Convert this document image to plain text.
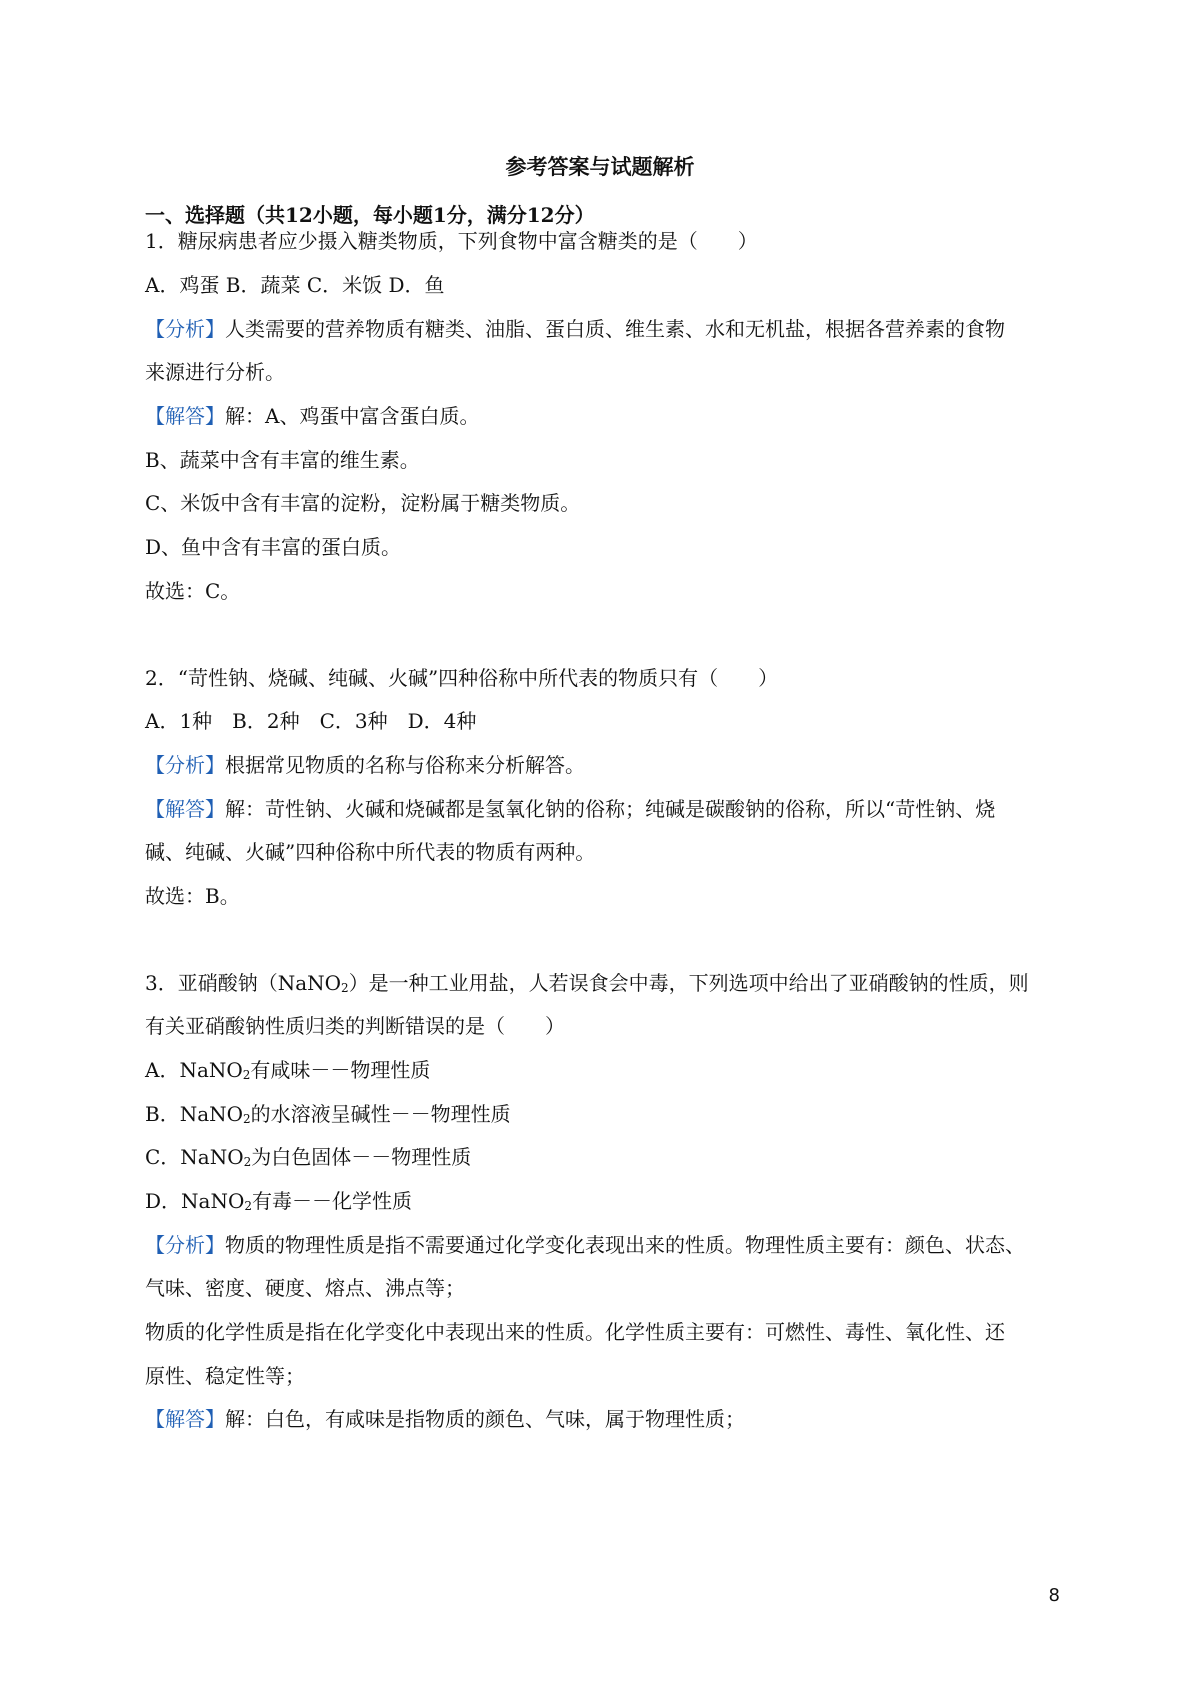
参考答案与试题解析
一、选择题（共12小题，每小题1分，满分12分）
1．糖尿病患者应少摄入糖类物质，下列食物中富含糖类的是（　　）
A．鸡蛋 B．蔬菜 C．米饭 D．鱼
【分析】人类需要的营养物质有糖类、油脂、蛋白质、维生素、水和无机盐，根据各营养素的食物
来源进行分析。
【解答】解：A、鸡蛋中富含蛋白质。
B、蔬菜中含有丰富的维生素。
C、米饭中含有丰富的淀粉，淀粉属于糖类物质。
D、鱼中含有丰富的蛋白质。
故选：C。
2．“苛性钠、烧碱、纯碱、火碱”四种俗称中所代表的物质只有（　　）
A．1种　B．2种　C．3种　D．4种
【分析】根据常见物质的名称与俗称来分析解答。
【解答】解：苛性钠、火碱和烧碱都是氢氧化钠的俗称；纯碱是碳酸钠的俗称，所以“苛性钠、烧
碱、纯碱、火碱”四种俗称中所代表的物质有两种。
故选：B。
3．亚硝酸钠（NaNO$_2$）是一种工业用盐，人若误食会中毒，下列选项中给出了亚硝酸钠的性质，则
有关亚硝酸钠性质归类的判断错误的是（　　）
A．NaNO$_2$有咸味－－物理性质
B．NaNO$_2$的水溶液呈碱性－－物理性质
C．NaNO$_2$为白色固体－－物理性质
D．NaNO$_2$有毒－－化学性质
【分析】物质的物理性质是指不需要通过化学变化表现出来的性质。物理性质主要有：颜色、状态、
气味、密度、硬度、熔点、沸点等；
物质的化学性质是指在化学变化中表现出来的性质。化学性质主要有：可燃性、毒性、氧化性、还
原性、稳定性等；
【解答】解：白色，有咸味是指物质的颜色、气味，属于物理性质；
8
